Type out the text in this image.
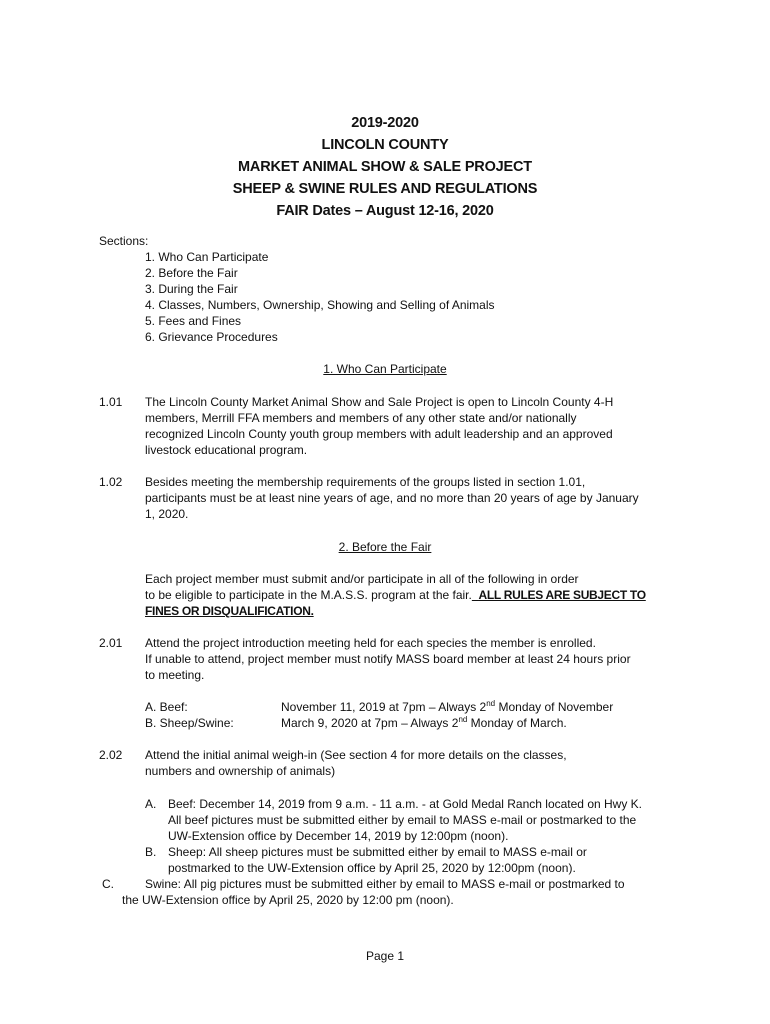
2019-2020
LINCOLN COUNTY
MARKET ANIMAL SHOW & SALE PROJECT
SHEEP & SWINE RULES AND REGULATIONS
FAIR Dates – August 12-16, 2020
Sections:
1. Who Can Participate
2. Before the Fair
3. During the Fair
4. Classes, Numbers, Ownership, Showing and Selling of Animals
5. Fees and Fines
6. Grievance Procedures
1. Who Can Participate
1.01 The Lincoln County Market Animal Show and Sale Project is open to Lincoln County 4-H
members, Merrill FFA members and members of any other state and/or nationally
recognized Lincoln County youth group members with adult leadership and an approved
livestock educational program.
1.02 Besides meeting the membership requirements of the groups listed in section 1.01,
participants must be at least nine years of age, and no more than 20 years of age by January
1, 2020.
2. Before the Fair
Each project member must submit and/or participate in all of the following in order
to be eligible to participate in the M.A.S.S. program at the fair. ALL RULES ARE SUBJECT TO
FINES OR DISQUALIFICATION.
2.01 Attend the project introduction meeting held for each species the member is enrolled.
If unable to attend, project member must notify MASS board member at least 24 hours prior
to meeting.
A. Beef:	November 11, 2019 at 7pm – Always 2nd Monday of November
B. Sheep/Swine:	March 9, 2020 at 7pm – Always 2nd Monday of March.
2.02 Attend the initial animal weigh-in (See section 4 for more details on the classes,
numbers and ownership of animals)
A. Beef: December 14, 2019 from 9 a.m. - 11 a.m. - at Gold Medal Ranch located on Hwy K.
All beef pictures must be submitted either by email to MASS e-mail or postmarked to the
UW-Extension office by December 14, 2019 by 12:00pm (noon).
B. Sheep: All sheep pictures must be submitted either by email to MASS e-mail or
postmarked to the UW-Extension office by April 25, 2020 by 12:00pm (noon).
C.	Swine: All pig pictures must be submitted either by email to MASS e-mail or postmarked to
the UW-Extension office by April 25, 2020 by 12:00 pm (noon).
Page 1
